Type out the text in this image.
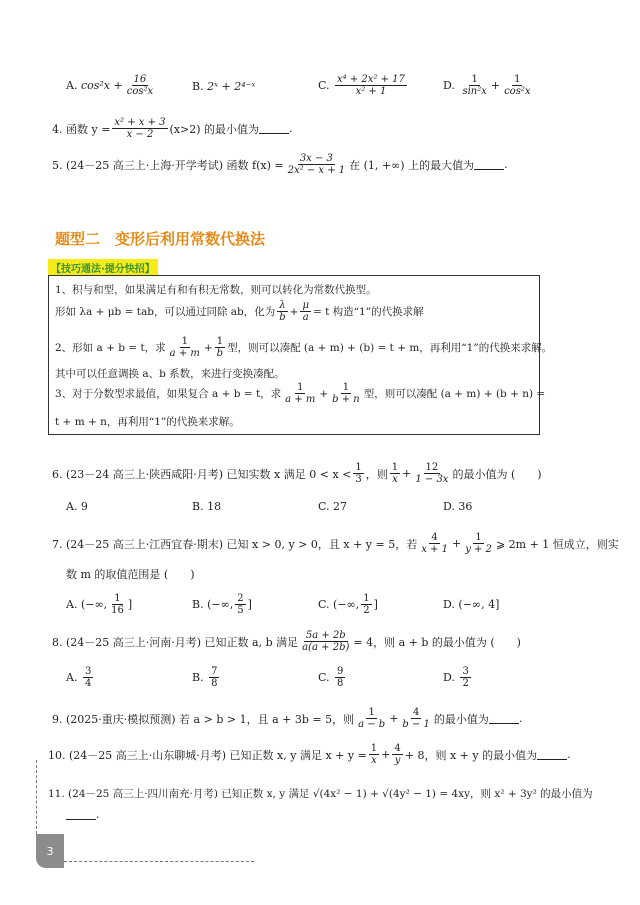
A.
$\cos^2x + \frac{16}{\text{cos²x}}$	B.
2ˣ + 2⁴⁻ˣ	C.
$\frac{\text{x⁴ + 2x² + 17}}{\text{x² + 1}}$	D.
$\frac{1}{\text{sin²x}} + \frac{1}{\text{cos²x}}$
4. 函数 $y = \frac{\text{x² + x + 3}}{x - 2} (x>2)$ 的最小值为	.
5. (24－25 高三上·上海·开学考试) 函数 $f(x) = \frac{3x - 3}{\text{2x² − x + 1}}$ 在 (1, +∞) 上的最大值为	.
题型二　变形后利用常数代换法
【技巧通法·提分快招】
1、积与和型，如果满足有和有积无常数，则可以转化为常数代换型。
形如 λa + μb = tab，可以通过同除 ab，化为 $\frac{\lambda}{b} + \frac{\mu}{a} = t$ 构造“1”的代换求解
2、形如 a + b = t，求 $\frac{1}{a + m} + \frac{1}{b}$ 型，则可以凑配 (a + m) + (b) = t + m，再利用“1”的代换来求解。
其中可以任意调换 a、b 系数，来进行变换凑配。
3、对于分数型求最值，如果复合 a + b = t，求 $\frac{1}{a + m} + \frac{1}{b + n}$ 型，则可以凑配 (a + m) + (b + n) =
t + m + n，再利用“1”的代换来求解。
6. (23－24 高三上·陕西咸阳·月考) 已知实数 x 满足 $0 < x < \frac{1}{3}$ ，则 $\frac{1}{x} + \frac{12}{1 - 3x}$ 的最小值为 (　　)
A. 9	B. 18	C. 27	D. 36
7. (24－25 高三上·江西宜春·期末) 已知 x > 0, y > 0，且 x + y = 5，若 $\frac{4}{x + 1} + \frac{1}{y + 2}$ ⩾ 2m + 1 恒成立，则实
数 m 的取值范围是 (　　)
A.
(−∞, $\frac{1}{16}$ ]	B.
(−∞, $\frac{2}{5}$ ]	C.
(−∞, $\frac{1}{2}$ ]	D. (−∞, 4]
8. (24－25 高三上·河南·月考) 已知正数 a, b 满足 $\frac{5a + 2b}{a(a + 2b)} = 4$，则 a + b 的最小值为 (　　)
A.
$\frac{3}{4}$	B.
$\frac{7}{8}$	C.
$\frac{9}{8}$	D.
$\frac{3}{2}$
9. (2025·重庆·模拟预测) 若 a > b > 1，且 a + 3b = 5，则 $\frac{1}{a - b} + \frac{4}{b - 1}$ 的最小值为	.
10. (24－25 高三上·山东聊城·月考) 已知正数 x, y 满足 $x + y = \frac{1}{x} + \frac{4}{y} + 8$，则 x + y 的最小值为	.
11. (24－25 高三上·四川南充·月考) 已知正数 x, y 满足 √(4x² − 1) + √(4y² − 1) = 4xy，则 x² + 3y² 的最小值为
.
3
